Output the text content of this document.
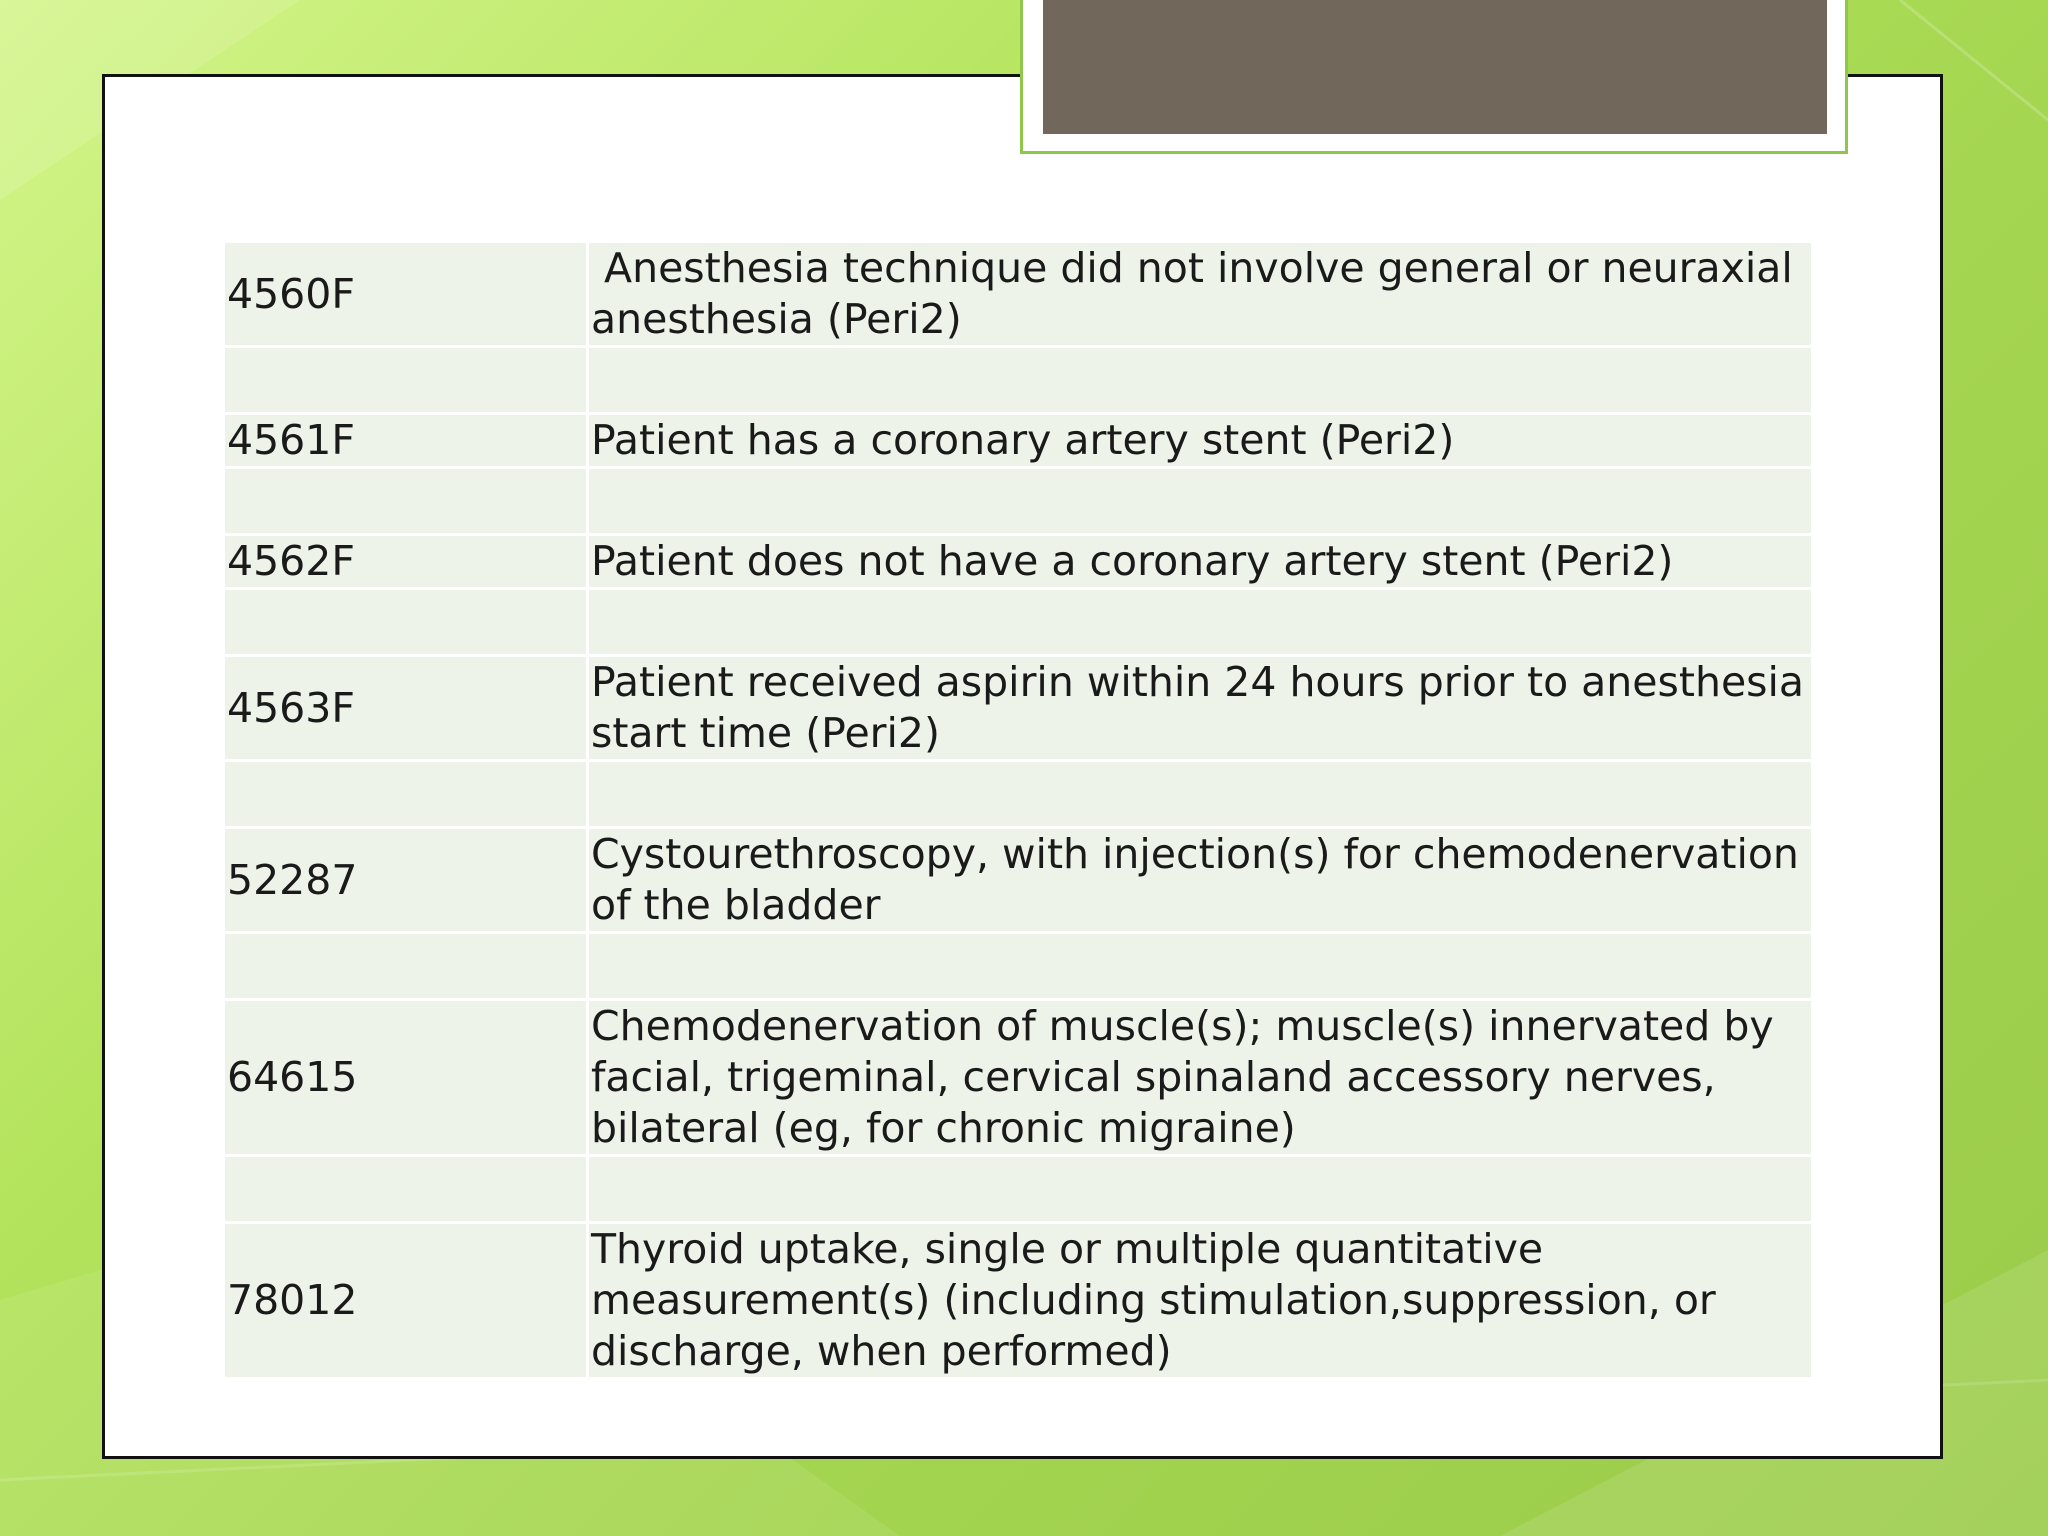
4560F	Anesthesia technique did not involve general or neuraxial anesthesia (Peri2)

4561F	Patient has a coronary artery stent (Peri2)

4562F	Patient does not have a coronary artery stent (Peri2)

4563F	Patient received aspirin within 24 hours prior to anesthesia start time (Peri2)

52287	Cystourethroscopy, with injection(s) for chemodenervation of the bladder

64615	Chemodenervation of muscle(s); muscle(s) innervated by facial, trigeminal, cervical spinaland accessory nerves, bilateral (eg, for chronic migraine)

78012	Thyroid uptake, single or multiple quantitative measurement(s) (including stimulation,suppression, or discharge, when performed)
